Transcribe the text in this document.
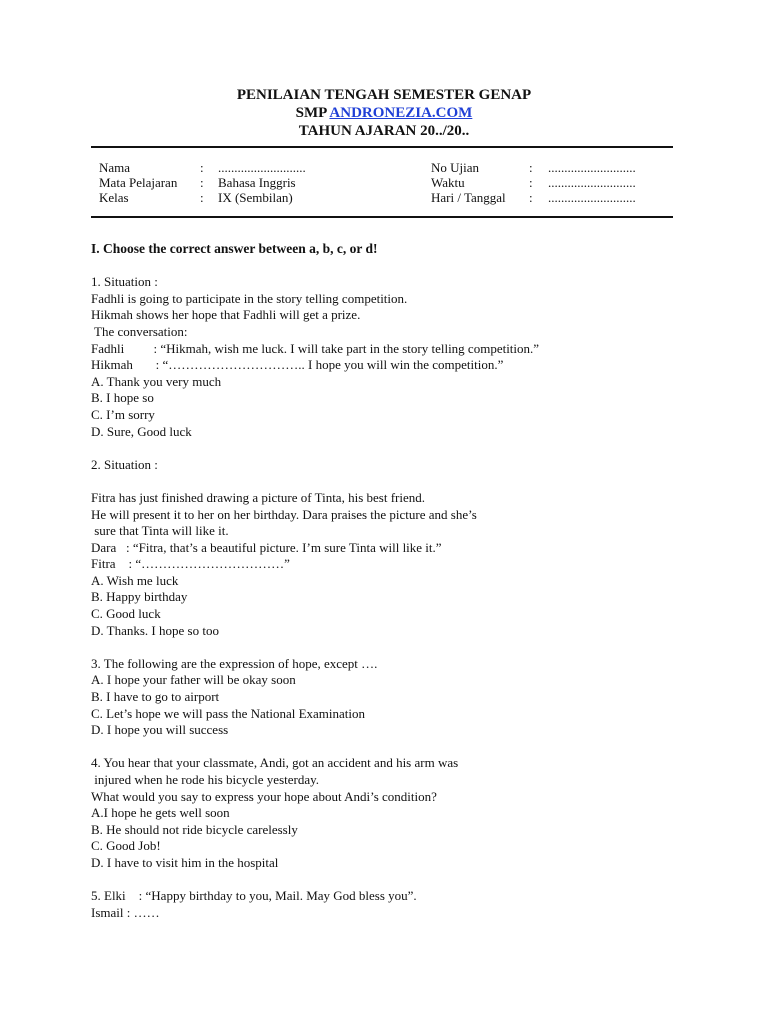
PENILAIAN TENGAH SEMESTER GENAP
SMP ANDRONEZIA.COM
TAHUN AJARAN 20../20..
Nama	: ...........................
Mata Pelajaran : Bahasa Inggris
Kelas	: IX (Sembilan)
No Ujian	: ...........................
Waktu	: ...........................
Hari / Tanggal : ...........................
I. Choose the correct answer between a, b, c, or d!
1. Situation :
Fadhli is going to participate in the story telling competition.
Hikmah shows her hope that Fadhli will get a prize.
The conversation:
Fadhli         : “Hikmah, wish me luck. I will take part in the story telling competition.”
Hikmah       : “………………………….. I hope you will win the competition.”
A. Thank you very much
B. I hope so
C. I’m sorry
D. Sure, Good luck
2. Situation :
Fitra has just finished drawing a picture of Tinta, his best friend.
He will present it to her on her birthday. Dara praises the picture and she’s
sure that Tinta will like it.
Dara   : “Fitra, that’s a beautiful picture. I’m sure Tinta will like it.”
Fitra    : “……………………………”
A. Wish me luck
B. Happy birthday
C. Good luck
D. Thanks. I hope so too
3. The following are the expression of hope, except ….
A. I hope your father will be okay soon
B. I have to go to airport
C. Let’s hope we will pass the National Examination
D. I hope you will success
4. You hear that your classmate, Andi, got an accident and his arm was
injured when he rode his bicycle yesterday.
What would you say to express your hope about Andi’s condition?
A.I hope he gets well soon
B. He should not ride bicycle carelessly
C. Good Job!
D. I have to visit him in the hospital
5. Elki    : “Happy birthday to you, Mail. May God bless you”.
Ismail : ……
